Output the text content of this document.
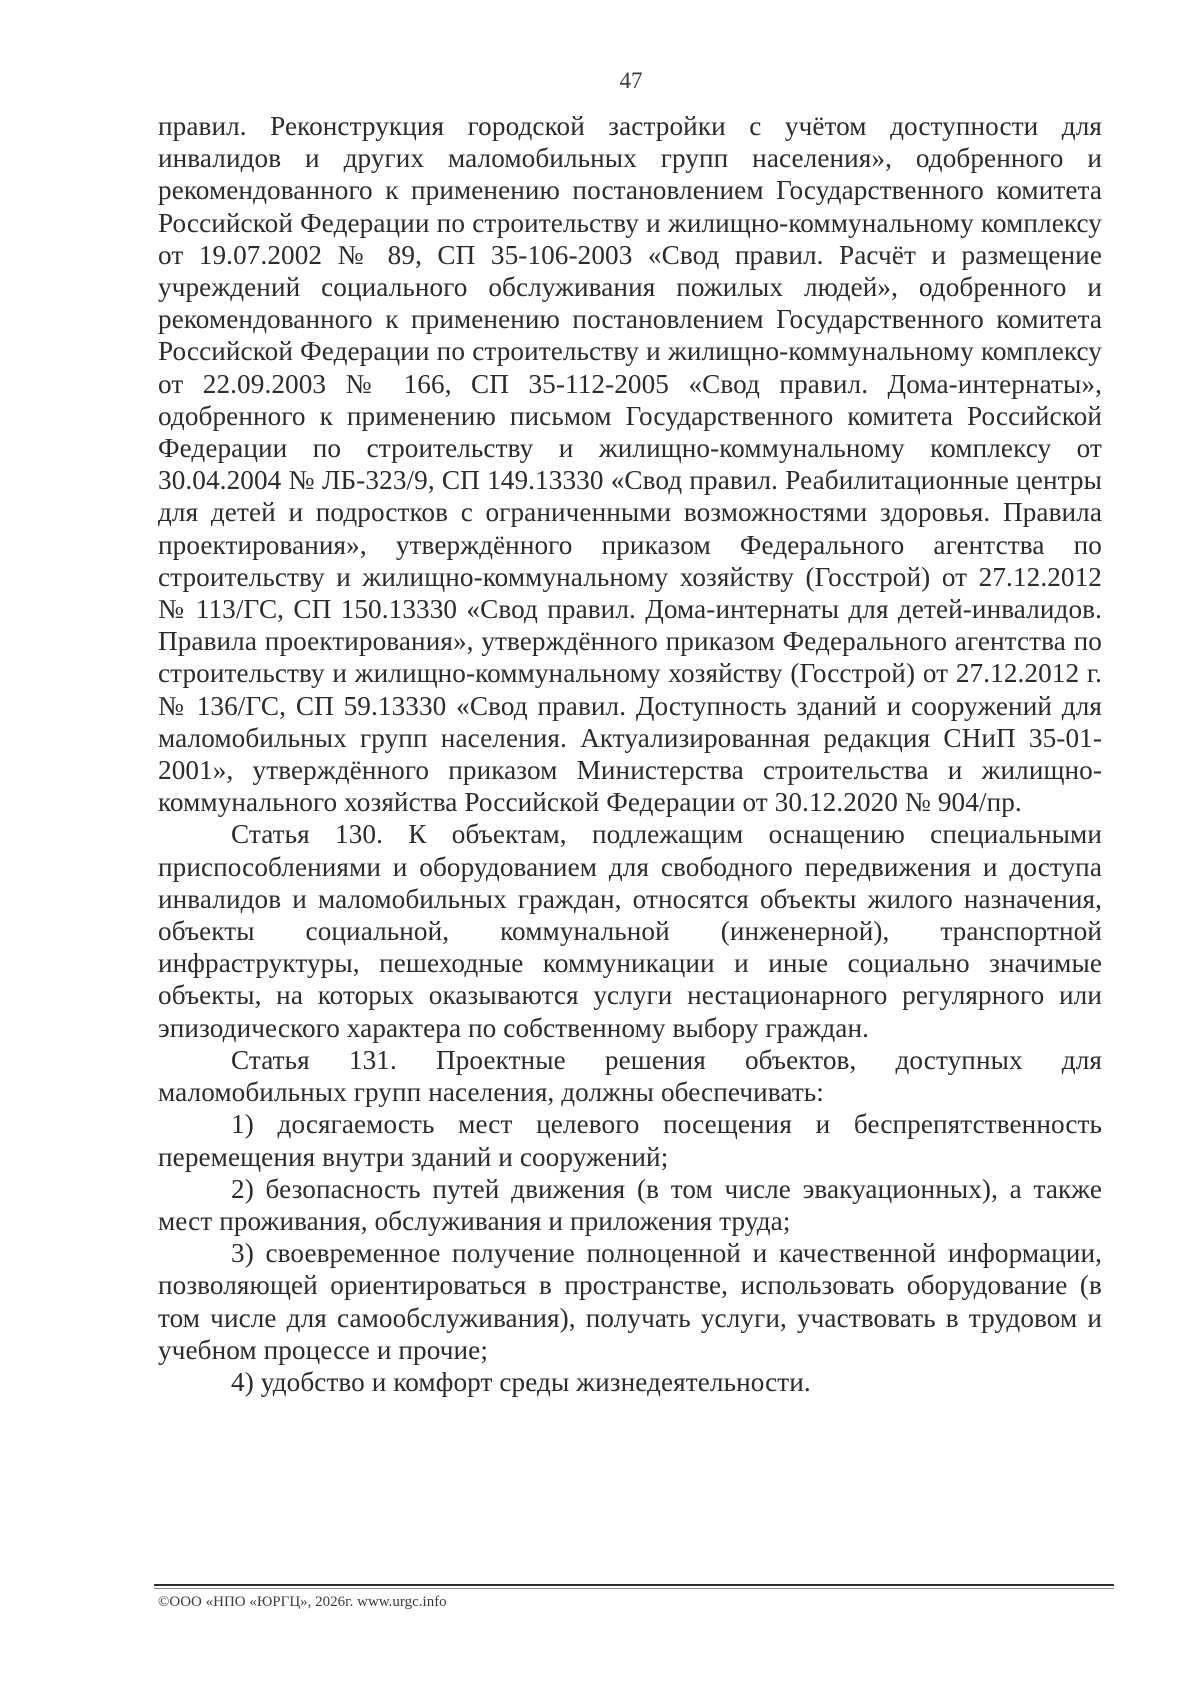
47

правил. Реконструкция городской застройки с учётом доступности для инвалидов и других маломобильных групп населения», одобренного и рекомендованного к применению постановлением Государственного комитета Российской Федерации по строительству и жилищно-коммунальному комплексу от 19.07.2002 № 89, СП 35-106-2003 «Свод правил. Расчёт и размещение учреждений социального обслуживания пожилых людей», одобренного и рекомендованного к применению постановлением Государственного комитета Российской Федерации по строительству и жилищно-коммунальному комплексу от 22.09.2003 № 166, СП 35-112-2005 «Свод правил. Дома-интернаты», одобренного к применению письмом Государственного комитета Российской Федерации по строительству и жилищно-коммунальному комплексу от 30.04.2004 № ЛБ-323/9, СП 149.13330 «Свод правил. Реабилитационные центры для детей и подростков с ограниченными возможностями здоровья. Правила проектирования», утверждённого приказом Федерального агентства по строительству и жилищно-коммунальному хозяйству (Госстрой) от 27.12.2012 № 113/ГС, СП 150.13330 «Свод правил. Дома-интернаты для детей-инвалидов. Правила проектирования», утверждённого приказом Федерального агентства по строительству и жилищно-коммунальному хозяйству (Госстрой) от 27.12.2012 г. № 136/ГС, СП 59.13330 «Свод правил. Доступность зданий и сооружений для маломобильных групп населения. Актуализированная редакция СНиП 35-01-2001», утверждённого приказом Министерства строительства и жилищно-коммунального хозяйства Российской Федерации от 30.12.2020 № 904/пр.

Статья 130. К объектам, подлежащим оснащению специальными приспособлениями и оборудованием для свободного передвижения и доступа инвалидов и маломобильных граждан, относятся объекты жилого назначения, объекты социальной, коммунальной (инженерной), транспортной инфраструктуры, пешеходные коммуникации и иные социально значимые объекты, на которых оказываются услуги нестационарного регулярного или эпизодического характера по собственному выбору граждан.

Статья 131. Проектные решения объектов, доступных для маломобильных групп населения, должны обеспечивать:

1) досягаемость мест целевого посещения и беспрепятственность перемещения внутри зданий и сооружений;

2) безопасность путей движения (в том числе эвакуационных), а также мест проживания, обслуживания и приложения труда;

3) своевременное получение полноценной и качественной информации, позволяющей ориентироваться в пространстве, использовать оборудование (в том числе для самообслуживания), получать услуги, участвовать в трудовом и учебном процессе и прочие;

4) удобство и комфорт среды жизнедеятельности.

©ООО «НПО «ЮРГЦ», 2026г. www.urgc.info
